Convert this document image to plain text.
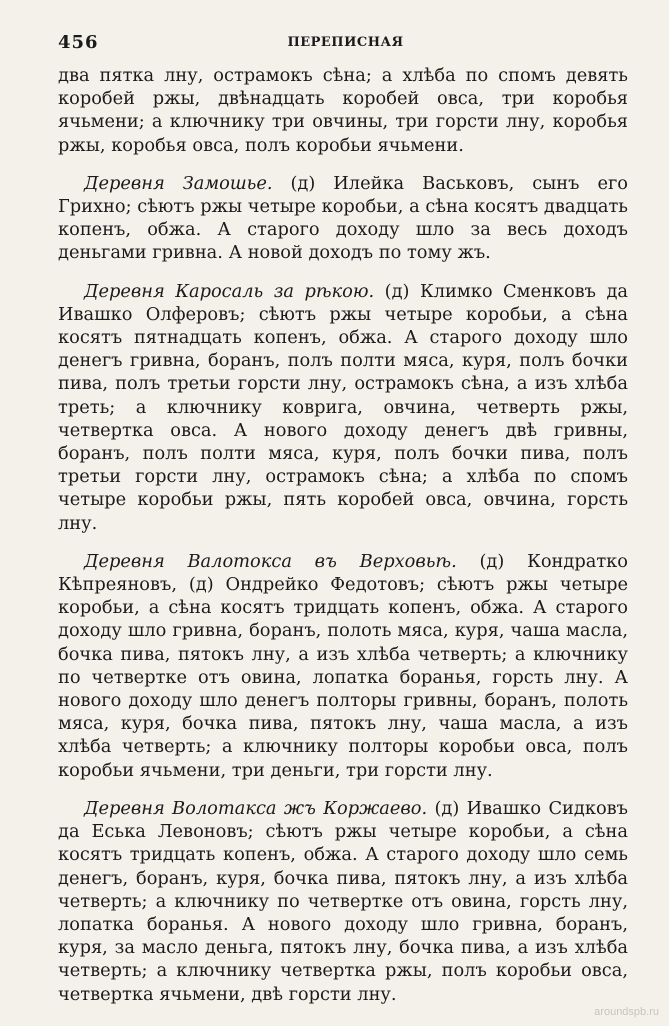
456	ПЕРЕПИСНАЯ

два пятка лну, острамокъ сѣна; а хлѣба по спомъ девять коробей ржы, двѣнадцать коробей овса, три коробья ячьмени; а ключнику три овчины, три горсти лну, коробья ржы, коробья овса, полъ коробьи ячьмени.

Деревня Замошье. (д) Илейка Васьковъ, сынъ его Грихно; сѣютъ ржы четыре коробьи, а сѣна косятъ двадцать копенъ, обжа. А старого доходу шло за весь доходъ деньгами гривна. А новой доходъ по тому жъ.

Деревня Каросаль за рѣкою. (д) Климко Сменковъ да Ивашко Олферовъ; сѣютъ ржы четыре коробьи, а сѣна косятъ пятнадцать копенъ, обжа. А старого доходу шло денегъ гривна, боранъ, полъ полти мяса, куря, полъ бочки пива, полъ третьи горсти лну, острамокъ сѣна, а изъ хлѣба треть; а ключнику коврига, овчина, четверть ржы, четвертка овса. А нового доходу денегъ двѣ гривны, боранъ, полъ полти мяса, куря, полъ бочки пива, полъ третьи горсти лну, острамокъ сѣна; а хлѣба по спомъ четыре коробьи ржы, пять коробей овса, овчина, горсть лну.

Деревня Валотокса въ Верховьѣ. (д) Кондратко Кѣпреяновъ, (д) Ондрейко Федотовъ; сѣютъ ржы четыре коробьи, а сѣна косятъ тридцать копенъ, обжа. А старого доходу шло гривна, боранъ, полоть мяса, куря, чаша масла, бочка пива, пятокъ лну, а изъ хлѣба четверть; а ключнику по четвертке отъ овина, лопатка боранья, горсть лну. А нового доходу шло денегъ полторы гривны, боранъ, полоть мяса, куря, бочка пива, пятокъ лну, чаша масла, а изъ хлѣба четверть; а ключнику полторы коробьи овса, полъ коробьи ячьмени, три деньги, три горсти лну.

Деревня Волотакса жъ Коржаево. (д) Ивашко Сидковъ да Еська Левоновъ; сѣютъ ржы четыре коробьи, а сѣна косятъ тридцать копенъ, обжа. А старого доходу шло семь денегъ, боранъ, куря, бочка пива, пятокъ лну, а изъ хлѣба четверть; а ключнику по четвертке отъ овина, горсть лну, лопатка боранья. А нового доходу шло гривна, боранъ, куря, за масло деньга, пятокъ лну, бочка пива, а изъ хлѣба четверть; а ключнику четвертка ржы, полъ коробьи овса, четвертка ячьмени, двѣ горсти лну.

aroundspb.ru
